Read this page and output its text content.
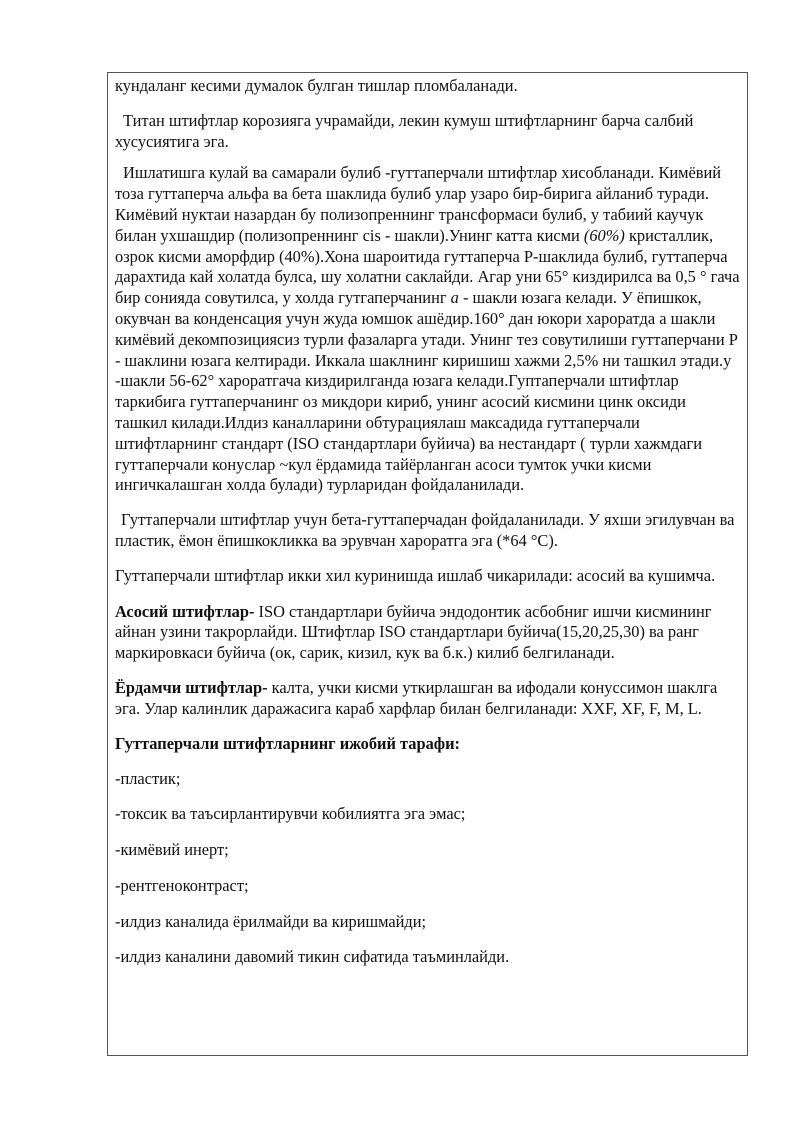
кундаланг кесими думалок булган тишлар пломбаланади.

Титан штифтлар корозияга учрамайди, лекин кумуш штифтларнинг барча салбий хусусиятига эга.

Ишлатишга кулай ва самарали булиб -гуттаперчали штифтлар хисобланади. Кимёвий тоза гуттаперча альфа ва бета шаклида булиб улар узаро бир-бирига айланиб туради. Кимёвий нуктаи назардан бу полизопреннинг трансформаси булиб, у табиий каучук билан ухшашдир (полизопреннинг cis - шакли).Унинг катта кисми (60%) кристаллик, озрок кисми аморфдир (40%).Хона шароитида гуттаперча Р-шаклида булиб, гуттаперча дарахтида кай холатда булса, шу холатни саклайди. Агар уни 65° киздирилса ва 0,5 ° гача бир сонияда совутилса, у холда гутгаперчанинг а - шакли юзага келади. У ёпишкок, окувчан ва конденсация учун жуда юмшок ашёдир.160° дан юкори хароратда а шакли кимёвий декомпозициясиз турли фазаларга утади. Унинг тез совутилиши гуттаперчани Р - шаклини юзага келтиради. Иккала шаклнинг киришиш хажми 2,5% ни ташкил этади.у -шакли 56-62° хароратгача киздирилганда юзага келади.Гуптаперчали штифтлар таркибига гуттаперчанинг оз микдори кириб, унинг асосий кисмини цинк оксиди ташкил килади.Илдиз каналларини обтурациялаш максадида гуттаперчали штифтларнинг стандарт (ISO стандартлари буйича) ва нестандарт ( турли хажмдаги гуттаперчали конуслар ~кул ёрдамида тайёрланган асоси тумток учки кисми ингичкалашган холда булади) турларидан фойдаланилади.

Гуттаперчали штифтлар учун бета-гуттаперчадан фойдаланилади. У яхши эгилувчан ва пластик, ёмон ёпишкокликка ва эрувчан хароратга эга (*64 °С).

Гуттаперчали штифтлар икки хил куринишда ишлаб чикарилади: асосий ва кушимча.

Асосий штифтлар- ISO стандартлари буйича эндодонтик асбобниг ишчи кисмининг айнан узини такрорлайди. Штифтлар ISO стандартлари буйича(15,20,25,30) ва ранг маркировкаси буйича (ок, сарик, кизил, кук ва б.к.) килиб белгиланади.

Ёрдамчи штифтлар- калта, учки кисми уткирлашган ва ифодали конуссимон шаклга эга. Улар калинлик даражасига караб харфлар билан белгиланади: XXF, XF, F, M, L.

Гуттаперчали штифтларнинг ижобий тарафи:

-пластик;

-токсик ва таъсирлантирувчи кобилиятга эга эмас;

-кимёвий инерт;

-рентгеноконтраст;

-илдиз каналида ёрилмайди ва киришмайди;

-илдиз каналини давомий тикин сифатида таъминлайди.
